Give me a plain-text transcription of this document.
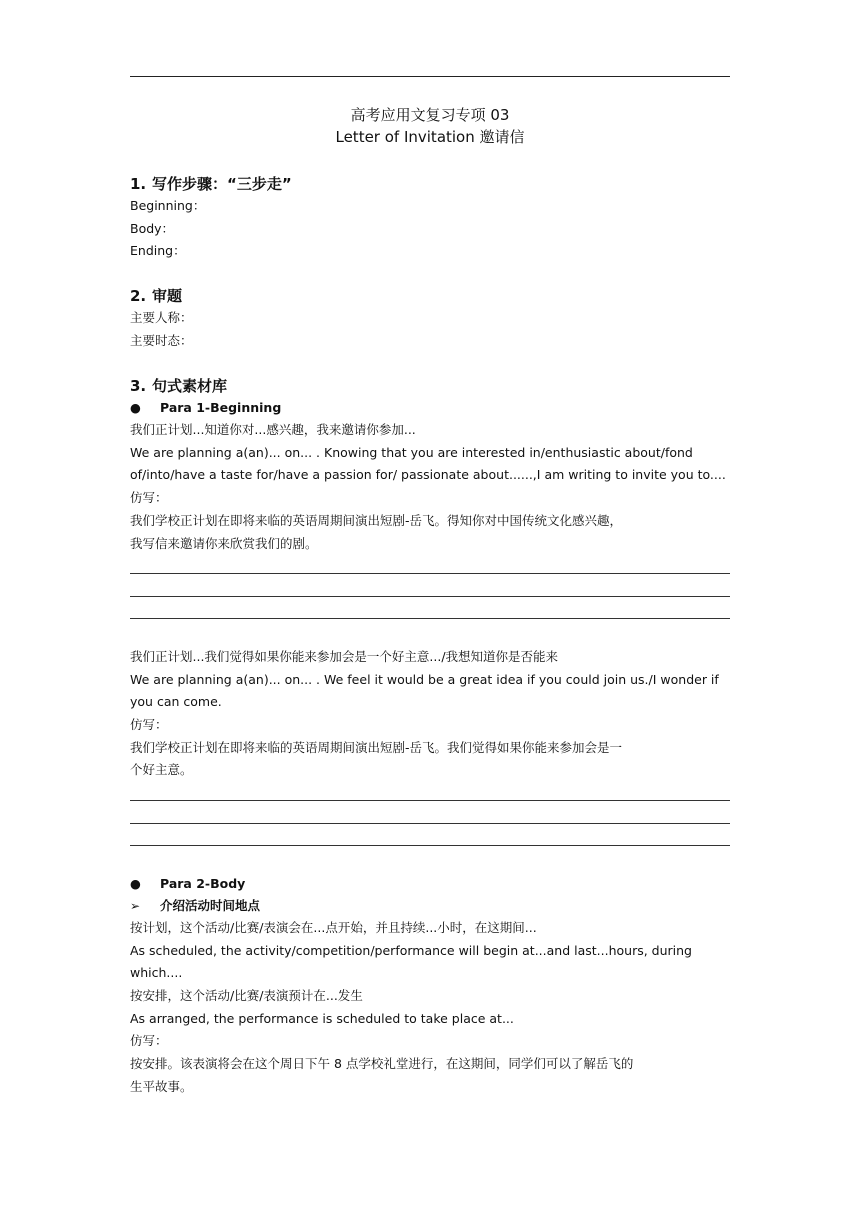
高考应用文复习专项 03
Letter of Invitation 邀请信
1. 写作步骤：“三步走”
Beginning：
Body：
Ending：
2. 审题
主要人称：
主要时态：
3. 句式素材库
● Para 1-Beginning
我们正计划...知道你对...感兴趣，我来邀请你参加...
We are planning a(an)... on... . Knowing that you are interested in/enthusiastic about/fond
of/into/have a taste for/have a passion for/ passionate about......,I am writing to invite you to....
仿写：
我们学校正计划在即将来临的英语周期间演出短剧-岳飞。得知你对中国传统文化感兴趣，
我写信来邀请你来欣赏我们的剧。
我们正计划...我们觉得如果你能来参加会是一个好主意.../我想知道你是否能来
We are planning a(an)... on... . We feel it would be a great idea if you could join us./I wonder if
you can come.
仿写：
我们学校正计划在即将来临的英语周期间演出短剧-岳飞。我们觉得如果你能来参加会是一
个好主意。
● Para 2-Body
➢ 介绍活动时间地点
按计划，这个活动/比赛/表演会在...点开始，并且持续...小时，在这期间...
As scheduled, the activity/competition/performance will begin at...and last...hours, during
which....
按安排，这个活动/比赛/表演预计在...发生
As arranged, the performance is scheduled to take place at...
仿写：
按安排。该表演将会在这个周日下午 8 点学校礼堂进行，在这期间，同学们可以了解岳飞的
生平故事。
